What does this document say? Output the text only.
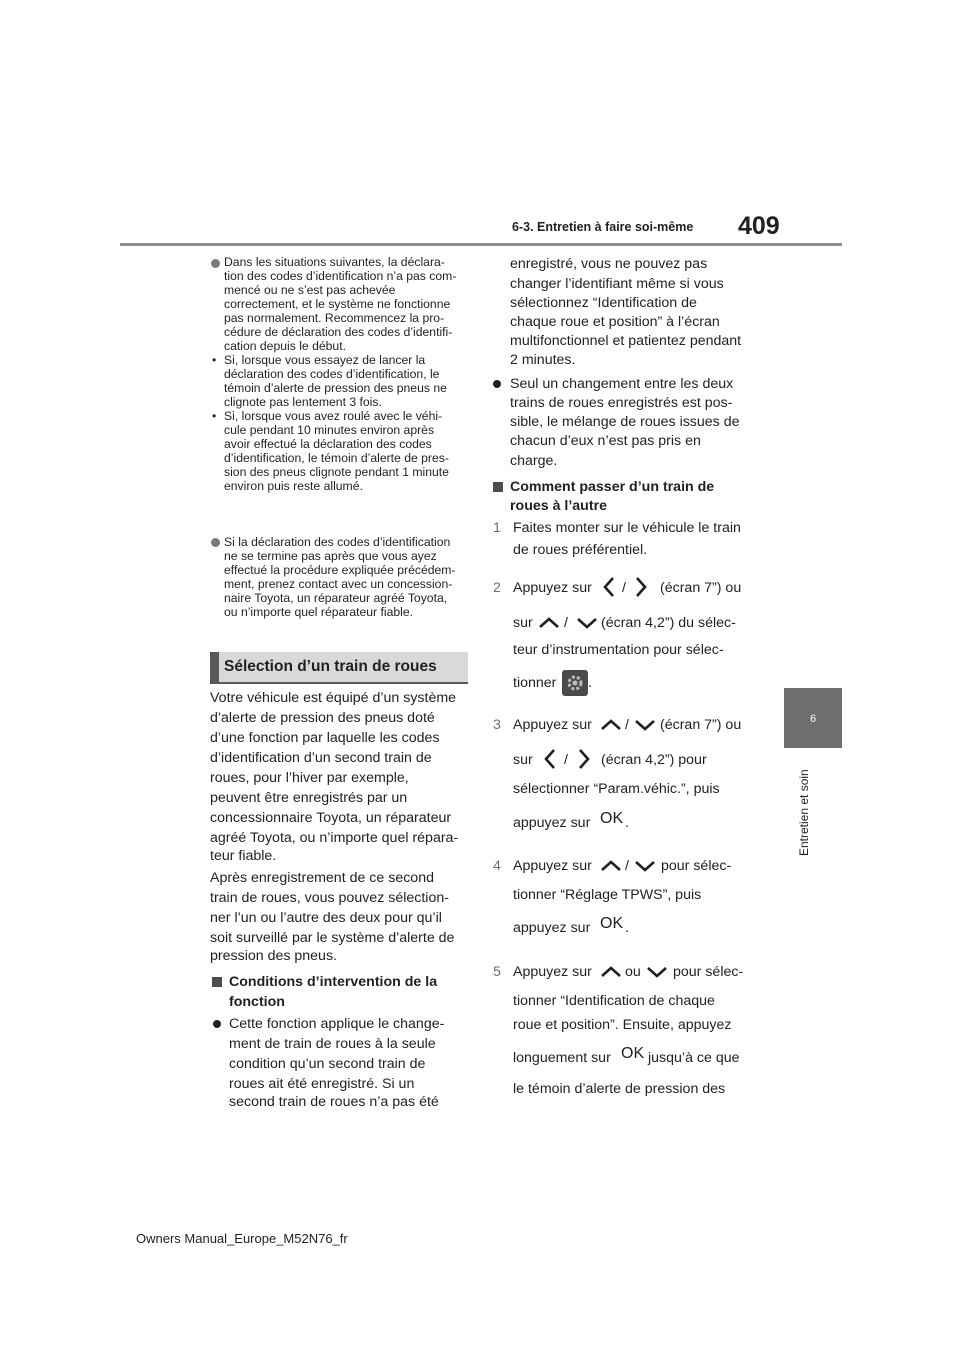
6-3. Entretien à faire soi-même 409
6
Entretien et soin
Dans les situations suivantes, la déclara-
tion des codes d’identification n’a pas com-
mencé ou ne s’est pas achevée
correctement, et le système ne fonctionne
pas normalement. Recommencez la pro-
cédure de déclaration des codes d’identifi-
cation depuis le début.
• Si, lorsque vous essayez de lancer la
déclaration des codes d’identification, le
témoin d’alerte de pression des pneus ne
clignote pas lentement 3 fois.
• Si, lorsque vous avez roulé avec le véhi-
cule pendant 10 minutes environ après
avoir effectué la déclaration des codes
d’identification, le témoin d’alerte de pres-
sion des pneus clignote pendant 1 minute
environ puis reste allumé.
Si la déclaration des codes d’identification
ne se termine pas après que vous ayez
effectué la procédure expliquée précédem-
ment, prenez contact avec un concession-
naire Toyota, un réparateur agréé Toyota,
ou n’importe quel réparateur fiable.
Sélection d’un train de roues
Votre véhicule est équipé d’un système
d’alerte de pression des pneus doté
d’une fonction par laquelle les codes
d’identification d’un second train de
roues, pour l’hiver par exemple,
peuvent être enregistrés par un
concessionnaire Toyota, un réparateur
agréé Toyota, ou n’importe quel répara-
teur fiable.
Après enregistrement de ce second
train de roues, vous pouvez sélection-
ner l’un ou l’autre des deux pour qu’il
soit surveillé par le système d’alerte de
pression des pneus.
Conditions d’intervention de la
fonction
Cette fonction applique le change-
ment de train de roues à la seule
condition qu’un second train de
roues ait été enregistré. Si un
second train de roues n’a pas été
enregistré, vous ne pouvez pas
changer l’identifiant même si vous
sélectionnez “Identification de
chaque roue et position” à l’écran
multifonctionnel et patientez pendant
2 minutes.
Seul un changement entre les deux
trains de roues enregistrés est pos-
sible, le mélange de roues issues de
chacun d’eux n’est pas pris en
charge.
Comment passer d’un train de
roues à l’autre
1 Faites monter sur le véhicule le train
de roues préférentiel.
2 Appuyez sur / (écran 7”) ou
sur / (écran 4,2”) du sélec-
teur d’instrumentation pour sélec-
tionner .
3 Appuyez sur / (écran 7”) ou
sur / (écran 4,2”) pour
sélectionner “Param.véhic.”, puis
appuyez sur OK .
4 Appuyez sur / pour sélec-
tionner “Réglage TPWS”, puis
appuyez sur OK .
5 Appuyez sur ou pour sélec-
tionner “Identification de chaque
roue et position”. Ensuite, appuyez
longuement sur OK jusqu’à ce que
le témoin d’alerte de pression des
Owners Manual_Europe_M52N76_fr
